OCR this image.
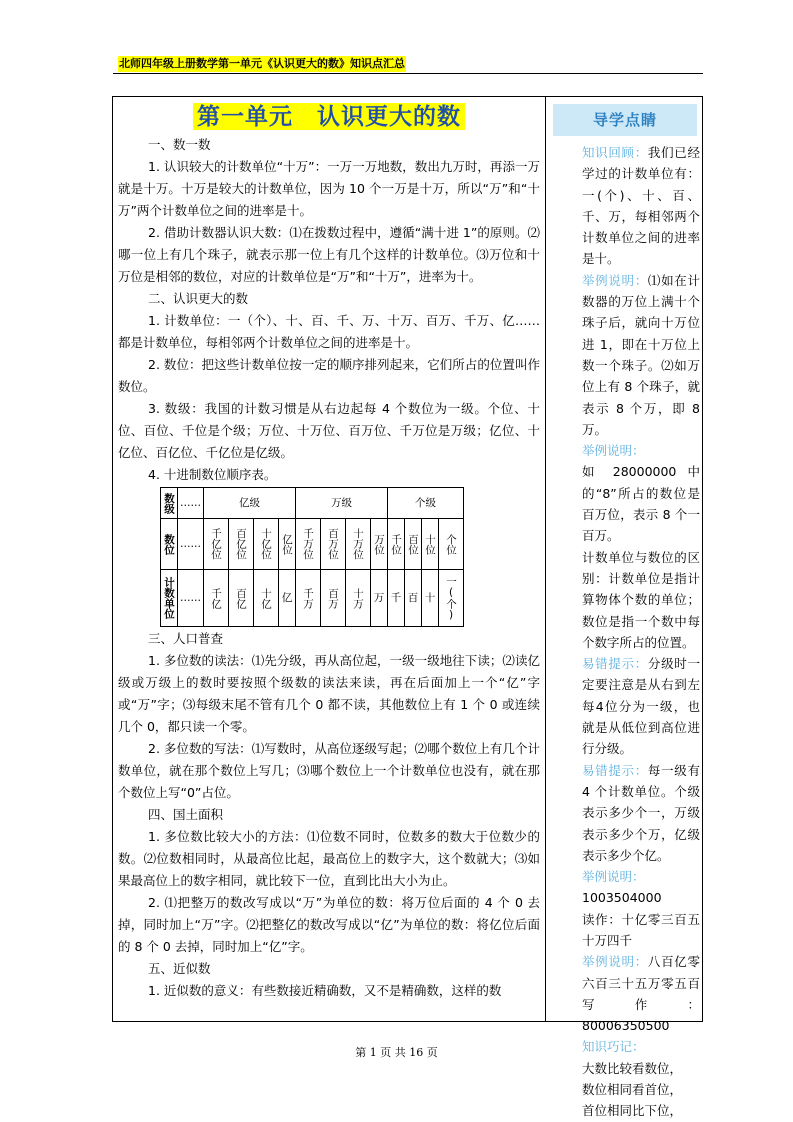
北师四年级上册数学第一单元《认识更大的数》知识点汇总
第一单元　认识更大的数
一、数一数
1. 认识较大的计数单位“十万”：一万一万地数，数出九万时，再添一万就是十万。十万是较大的计数单位，因为 10 个一万是十万，所以“万”和“十万”两个计数单位之间的进率是十。
2. 借助计数器认识大数：⑴在拨数过程中，遵循“满十进 1”的原则。⑵哪一位上有几个珠子，就表示那一位上有几个这样的计数单位。⑶万位和十万位是相邻的数位，对应的计数单位是“万”和“十万”，进率为十。
二、认识更大的数
1. 计数单位：一（个）、十、百、千、万、十万、百万、千万、亿……都是计数单位，每相邻两个计数单位之间的进率是十。
2. 数位：把这些计数单位按一定的顺序排列起来，它们所占的位置叫作数位。
3. 数级：我国的计数习惯是从右边起每 4 个数位为一级。个位、十位、百位、千位是个级；万位、十万位、百万位、千万位是万级；亿位、十亿位、百亿位、千亿位是亿级。
4. 十进制数位顺序表。
数级	……	亿级				万级				个级			

数位	……	千亿位	百亿位	十亿位	亿位	千万位	百万位	十万位	万位	千位	百位	十位	个位

计数单位	……	千亿	百亿	十亿	亿	千万	百万	十万	万	千	百	十	一(个)
三、人口普查
1. 多位数的读法：⑴先分级，再从高位起，一级一级地往下读；⑵读亿级或万级上的数时要按照个级数的读法来读，再在后面加上一个“亿”字或“万”字；⑶每级末尾不管有几个 0 都不读，其他数位上有 1 个 0 或连续几个 0，都只读一个零。
2. 多位数的写法：⑴写数时，从高位逐级写起；⑵哪个数位上有几个计数单位，就在那个数位上写几；⑶哪个数位上一个计数单位也没有，就在那个数位上写“0”占位。
四、国土面积
1. 多位数比较大小的方法：⑴位数不同时，位数多的数大于位数少的数。⑵位数相同时，从最高位比起，最高位上的数字大，这个数就大；⑶如果最高位上的数字相同，就比较下一位，直到比出大小为止。
2. ⑴把整万的数改写成以“万”为单位的数：将万位后面的 4 个 0 去掉，同时加上“万”字。⑵把整亿的数改写成以“亿”为单位的数：将亿位后面的 8 个 0 去掉，同时加上“亿”字。
五、近似数
1. 近似数的意义：有些数接近精确数，又不是精确数，这样的数
导学点睛
知识回顾：我们已经学过的计数单位有：一(个)、十、百、千、万，每相邻两个计数单位之间的进率是十。
举例说明：⑴如在计数器的万位上满十个珠子后，就向十万位进 1，即在十万位上数一个珠子。⑵如万位上有 8 个珠子，就表示 8 个万，即 8 万。
举例说明：
如 28000000 中的“8”所占的数位是百万位，表示 8 个一百万。
计数单位与数位的区别：计数单位是指计算物体个数的单位；数位是指一个数中每个数字所占的位置。
易错提示：分级时一定要注意是从右到左每4位分为一级，也就是从低位到高位进行分级。
易错提示：每一级有 4 个计数单位。个级表示多少个一，万级表示多少个万，亿级表示多少个亿。
举例说明：
1003504000
读作：十亿零三百五十万四千
举例说明：八百亿零六百三十五万零五百写作：80006350500
知识巧记：
大数比较看数位，
数位相同看首位，
首位相同比下位，
第 1 页 共 16 页
